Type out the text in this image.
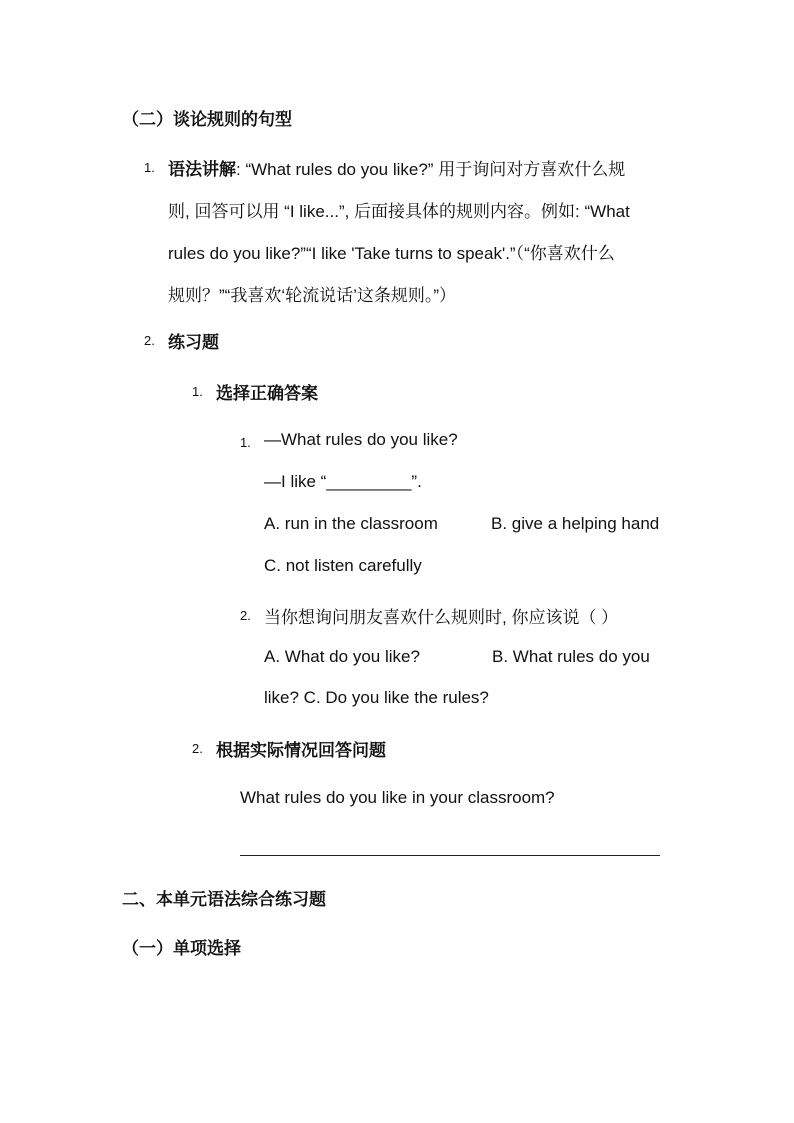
（二）谈论规则的句型
1. 语法讲解: “What rules do you like?” 用于询问对方喜欢什么规
则, 回答可以用 “I like...”, 后面接具体的规则内容。例如: “What
rules do you like?”“I like 'Take turns to speak'.”（“你喜欢什么
规则？”“我喜欢‘轮流说话’这条规则。”）
2. 练习题
1. 选择正确答案
1. —What rules do you like?
—I like “_________”.
A. run in the classroom	B. give a helping hand
C. not listen carefully
2. 当你想询问朋友喜欢什么规则时, 你应该说（ ）
A. What do you like?	B. What rules do you
like? C. Do you like the rules?
2. 根据实际情况回答问题
What rules do you like in your classroom?
二、本单元语法综合练习题
（一）单项选择
